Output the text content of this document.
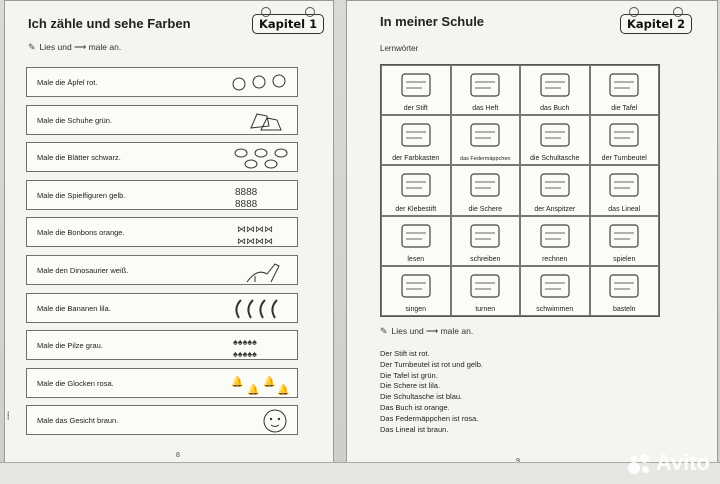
Ich zähle und sehe Farben	Kapitel 1
✎ Lies und ⟶ male an.
Male die Äpfel rot.
Male die Schuhe grün.
Male die Blätter schwarz.
Male die Spielfiguren gelb.	8888
8888
Male die Bonbons orange.	⋈⋈⋈⋈
⋈⋈⋈⋈
Male den Dinosaurier weiß.
Male die Bananen lila.
Male die Pilze grau.	♠♠♠♠♠
♠♠♠♠♠
Male die Glocken rosa.	🔔
🔔
🔔
🔔
Male das Gesicht braun.
•••••
8
In meiner Schule	Kapitel 2
Lernwörter
der Stift	das Heft	das Buch	die Tafel
der Farbkasten	das Federmäppchen	die Schultasche	der Turnbeutel
der Klebestift	die Schere	der Anspitzer	das Lineal
lesen	schreiben	rechnen	spielen
singen	turnen	schwimmen	basteln
✎ Lies und ⟶ male an.
Der Stift ist rot.
Der Turnbeutel ist rot und gelb.
Die Tafel ist grün.
Die Schere ist lila.
Die Schultasche ist blau.
Das Buch ist orange.
Das Federmäppchen ist rosa.
Das Lineal ist braun.
Avito
